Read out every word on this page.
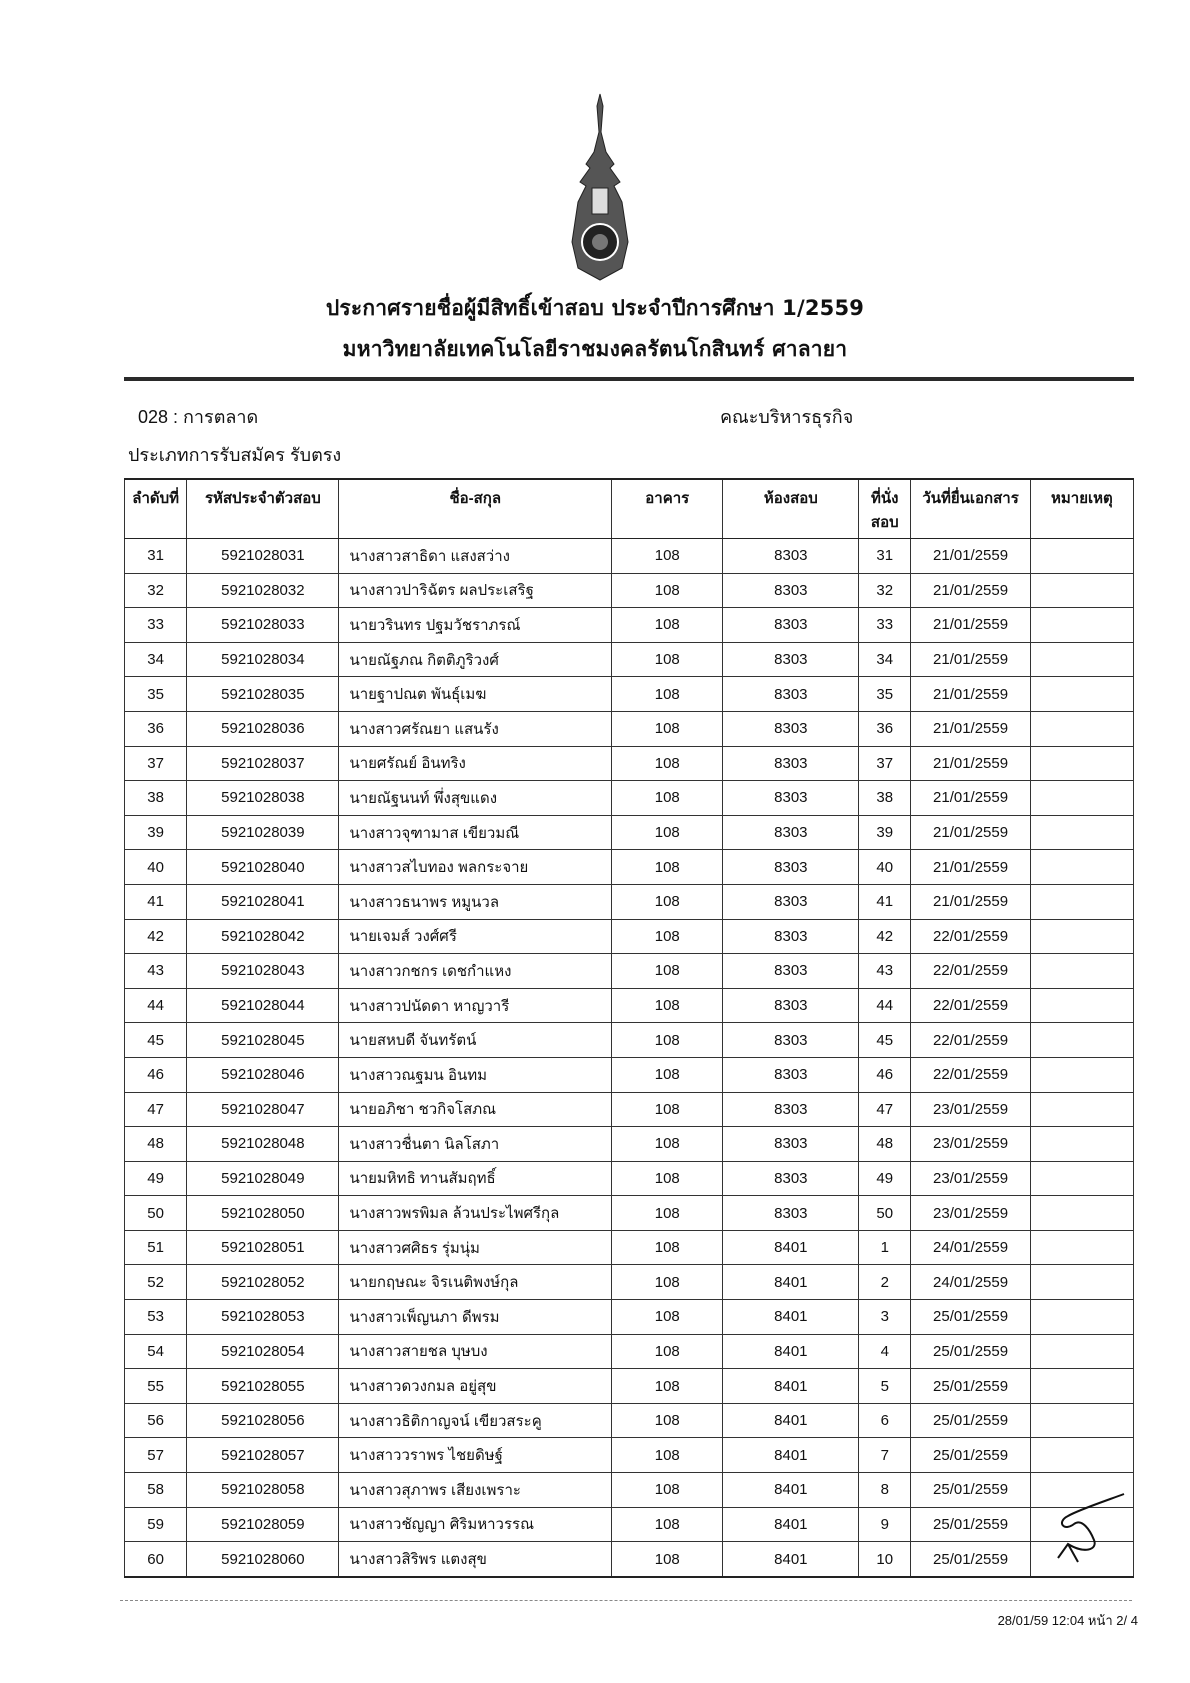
ประกาศรายชื่อผู้มีสิทธิ์เข้าสอบ ประจำปีการศึกษา 1/2559
มหาวิทยาลัยเทคโนโลยีราชมงคลรัตนโกสินทร์ ศาลายา
028 : การตลาด	คณะบริหารธุรกิจ
ประเภทการรับสมัคร รับตรง
ลำดับที่	รหัสประจำตัวสอบ	ชื่อ-สกุล	อาคาร	ห้องสอบ	ที่นั่ง สอบ	วันที่ยื่นเอกสาร	หมายเหตุ
31	5921028031	นางสาวสาธิดา แสงสว่าง	108	8303	31	21/01/2559	
32	5921028032	นางสาวปาริฉัตร ผลประเสริฐ	108	8303	32	21/01/2559	
33	5921028033	นายวรินทร ปฐมวัชราภรณ์	108	8303	33	21/01/2559	
34	5921028034	นายณัฐภณ กิตติภูริวงศ์	108	8303	34	21/01/2559	
35	5921028035	นายฐาปณต พันธุ์เมฆ	108	8303	35	21/01/2559	
36	5921028036	นางสาวศรัณยา แสนรัง	108	8303	36	21/01/2559	
37	5921028037	นายศรัณย์ อินทริง	108	8303	37	21/01/2559	
38	5921028038	นายณัฐนนท์ พึ่งสุขแดง	108	8303	38	21/01/2559	
39	5921028039	นางสาวจุฑามาส เขียวมณี	108	8303	39	21/01/2559	
40	5921028040	นางสาวสไบทอง พลกระจาย	108	8303	40	21/01/2559	
41	5921028041	นางสาวธนาพร หมูนวล	108	8303	41	21/01/2559	
42	5921028042	นายเจมส์ วงศ์ศรี	108	8303	42	22/01/2559	
43	5921028043	นางสาวกชกร เดชกำแหง	108	8303	43	22/01/2559	
44	5921028044	นางสาวปนัดดา หาญวารี	108	8303	44	22/01/2559	
45	5921028045	นายสหบดี จันทรัตน์	108	8303	45	22/01/2559	
46	5921028046	นางสาวณฐมน อินทม	108	8303	46	22/01/2559	
47	5921028047	นายอภิชา ชวกิจโสภณ	108	8303	47	23/01/2559	
48	5921028048	นางสาวชื่นตา นิลโสภา	108	8303	48	23/01/2559	
49	5921028049	นายมหิทธิ ทานสัมฤทธิ์	108	8303	49	23/01/2559	
50	5921028050	นางสาวพรพิมล ล้วนประไพศรีกุล	108	8303	50	23/01/2559	
51	5921028051	นางสาวศศิธร รุ่มนุ่ม	108	8401	1	24/01/2559	
52	5921028052	นายกฤษณะ จิรเนติพงษ์กุล	108	8401	2	24/01/2559	
53	5921028053	นางสาวเพ็ญนภา ดีพรม	108	8401	3	25/01/2559	
54	5921028054	นางสาวสายชล บุษบง	108	8401	4	25/01/2559	
55	5921028055	นางสาวดวงกมล อยู่สุข	108	8401	5	25/01/2559	
56	5921028056	นางสาวธิติกาญจน์ เขียวสระคู	108	8401	6	25/01/2559	
57	5921028057	นางสาววราพร ไชยดิษฐ์	108	8401	7	25/01/2559	
58	5921028058	นางสาวสุภาพร เสียงเพราะ	108	8401	8	25/01/2559	
59	5921028059	นางสาวชัญญา ศิริมหาวรรณ	108	8401	9	25/01/2559	
60	5921028060	นางสาวสิริพร แตงสุข	108	8401	10	25/01/2559	
28/01/59 12:04 หน้า 2/ 4
